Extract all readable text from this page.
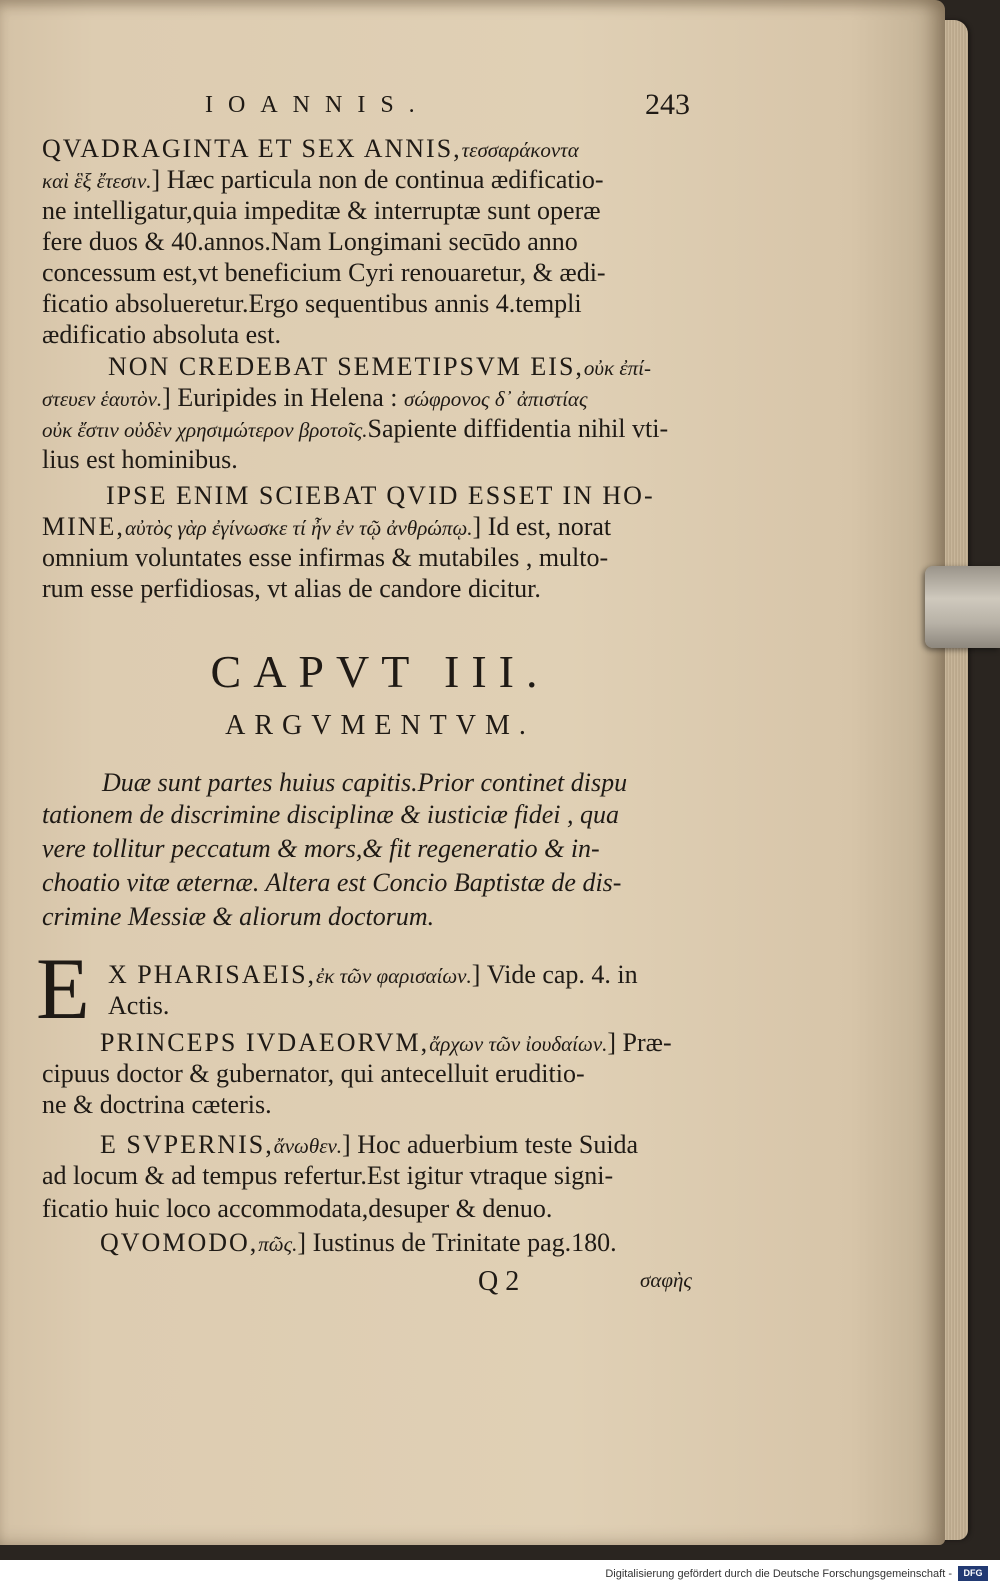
IOANNIS.	243
QVADRAGINTA ET SEX ANNIS,τεσσαράκοντα
καὶ ἓξ ἔτεσιν.] Hæc particula non de continua ædificatio-
ne intelligatur,quia impeditæ & interruptæ sunt operæ
fere duos & 40.annos.Nam Longimani secūdo anno
concessum est,vt beneficium Cyri renouaretur, & ædi-
ficatio absolueretur.Ergo sequentibus annis 4.templi
ædificatio absoluta est.
NON CREDEBAT SEMETIPSVM EIS,οὐκ ἐπί-
στευεν ἑαυτὸν.] Euripides in Helena : σώφρονος δ᾽ ἀπιστίας
οὐκ ἔστιν οὐδὲν χρησιμώτερον βροτοῖς.Sapiente diffidentia nihil vti-
lius est hominibus.
IPSE ENIM SCIEBAT QVID ESSET IN HO-
MINE,αὐτὸς γὰρ ἐγίνωσκε τί ἦν ἐν τῷ ἀνθρώπῳ.] Id est, norat
omnium voluntates esse infirmas & mutabiles , multo-
rum esse perfidiosas, vt alias de candore dicitur.
CAPVT III.
ARGVMENTVM.
Duæ sunt partes huius capitis.Prior continet dispu
tationem de discrimine disciplinæ & iusticiæ fidei , qua
vere tollitur peccatum & mors,& fit regeneratio & in-
choatio vitæ æternæ. Altera est Concio Baptistæ de dis-
crimine Messiæ & aliorum doctorum.
E X PHARISAEIS,ἐκ τῶν φαρισαίων.] Vide cap. 4. in
Actis.
PRINCEPS IVDAEORVM,ἄρχων τῶν ἰουδαίων.] Præ-
cipuus doctor & gubernator, qui antecelluit eruditio-
ne & doctrina cæteris.
E SVPERNIS,ἄνωθεν.] Hoc aduerbium teste Suida
ad locum & ad tempus refertur.Est igitur vtraque signi-
ficatio huic loco accommodata,desuper & denuo.
QVOMODO,πῶς.] Iustinus de Trinitate pag.180.
Q 2	σαφὴς
Digitalisierung gefördert durch die Deutsche Forschungsgemeinschaft -	DFG
